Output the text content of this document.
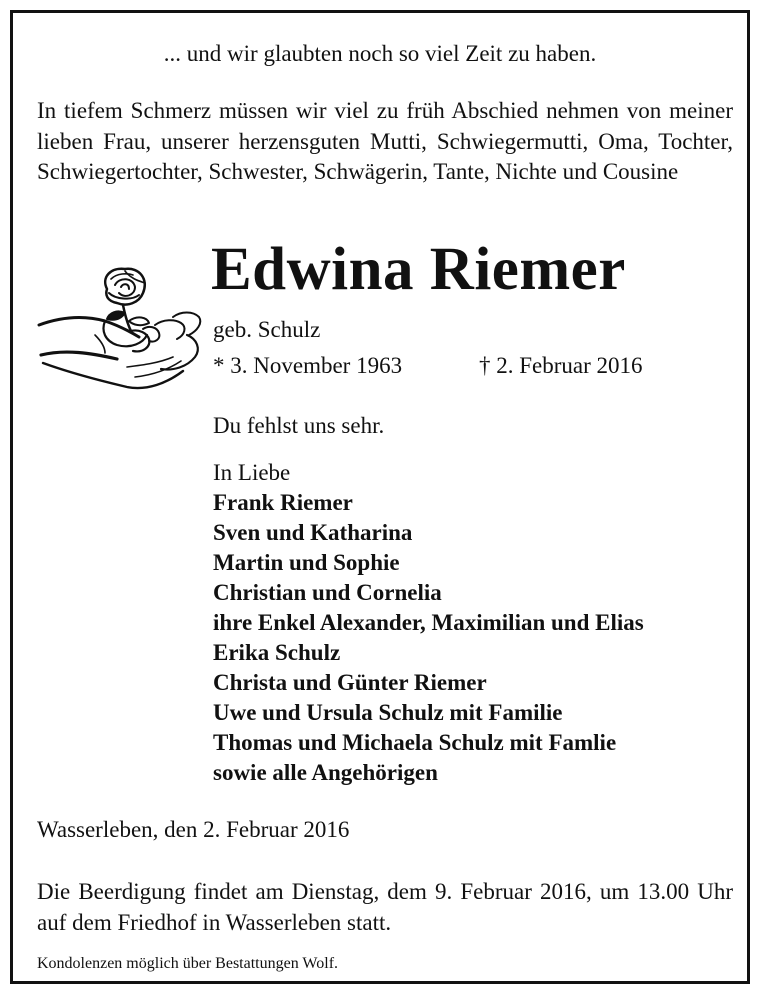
... und wir glaubten noch so viel Zeit zu haben.
In tiefem Schmerz müssen wir viel zu früh Abschied nehmen von meiner lieben Frau, unserer herzensguten Mutti, Schwiegermutti, Oma, Tochter, Schwiegertochter, Schwester, Schwägerin, Tante, Nichte und Cousine
Edwina Riemer
geb. Schulz
* 3. November 1963	† 2. Februar 2016
Du fehlst uns sehr.
In Liebe
Frank Riemer
Sven und Katharina
Martin und Sophie
Christian und Cornelia
ihre Enkel Alexander, Maximilian und Elias
Erika Schulz
Christa und Günter Riemer
Uwe und Ursula Schulz mit Familie
Thomas und Michaela Schulz mit Famlie
sowie alle Angehörigen
Wasserleben, den 2. Februar 2016
Die Beerdigung findet am Dienstag, dem 9. Februar 2016, um 13.00 Uhr auf dem Friedhof in Wasserleben statt.
Kondolenzen möglich über Bestattungen Wolf.
